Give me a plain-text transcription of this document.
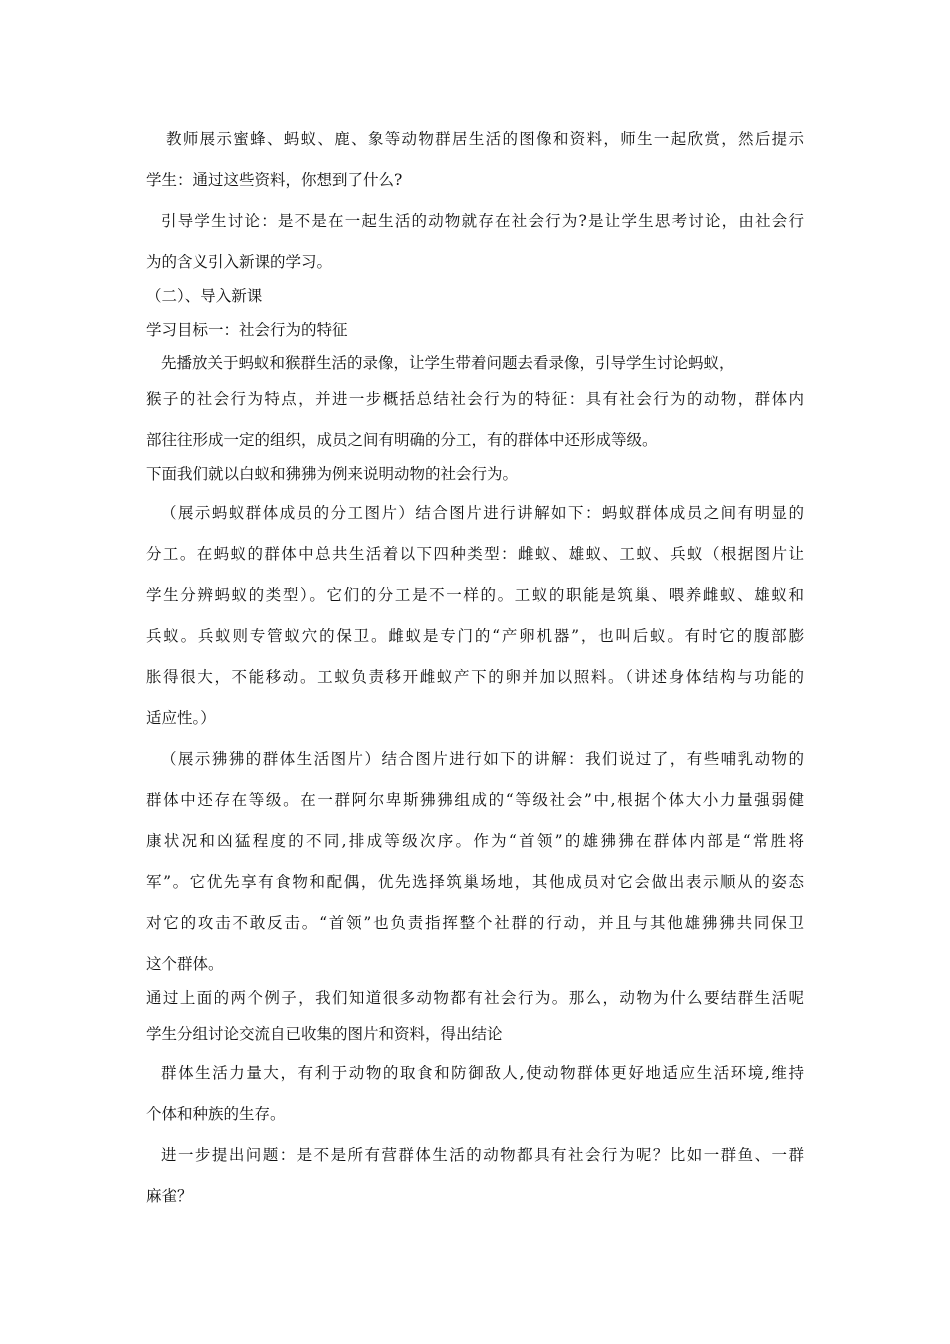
教师展示蜜蜂、蚂蚁、鹿、象等动物群居生活的图像和资料，师生一起欣赏，然后提示

学生：通过这些资料，你想到了什么?

引导学生讨论：是不是在一起生活的动物就存在社会行为?是让学生思考讨论，由社会行

为的含义引入新课的学习。

（二）、导入新课

学习目标一：社会行为的特征

先播放关于蚂蚁和猴群生活的录像，让学生带着问题去看录像，引导学生讨论蚂蚁，

猴子的社会行为特点，并进一步概括总结社会行为的特征：具有社会行为的动物，群体内

部往往形成一定的组织，成员之间有明确的分工，有的群体中还形成等级。

下面我们就以白蚁和狒狒为例来说明动物的社会行为。

（展示蚂蚁群体成员的分工图片）结合图片进行讲解如下：蚂蚁群体成员之间有明显的

分工。在蚂蚁的群体中总共生活着以下四种类型：雌蚁、雄蚁、工蚁、兵蚁（根据图片让

学生分辨蚂蚁的类型）。它们的分工是不一样的。工蚁的职能是筑巢、喂养雌蚁、雄蚁和

兵蚁。兵蚁则专管蚁穴的保卫。雌蚁是专门的“产卵机器”，也叫后蚁。有时它的腹部膨

胀得很大，不能移动。工蚁负责移开雌蚁产下的卵并加以照料。（讲述身体结构与功能的

适应性。）

（展示狒狒的群体生活图片）结合图片进行如下的讲解：我们说过了，有些哺乳动物的

群体中还存在等级。在一群阿尔卑斯狒狒组成的“等级社会”中,根据个体大小力量强弱健

康状况和凶猛程度的不同,排成等级次序。作为“首领”的雄狒狒在群体内部是“常胜将

军”。它优先享有食物和配偶，优先选择筑巢场地，其他成员对它会做出表示顺从的姿态

对它的攻击不敢反击。“首领”也负责指挥整个社群的行动，并且与其他雄狒狒共同保卫

这个群体。

通过上面的两个例子，我们知道很多动物都有社会行为。那么，动物为什么要结群生活呢

学生分组讨论交流自已收集的图片和资料，得出结论

群体生活力量大，有利于动物的取食和防御敌人,使动物群体更好地适应生活环境,维持

个体和种族的生存。

进一步提出问题：是不是所有营群体生活的动物都具有社会行为呢？比如一群鱼、一群

麻雀？
